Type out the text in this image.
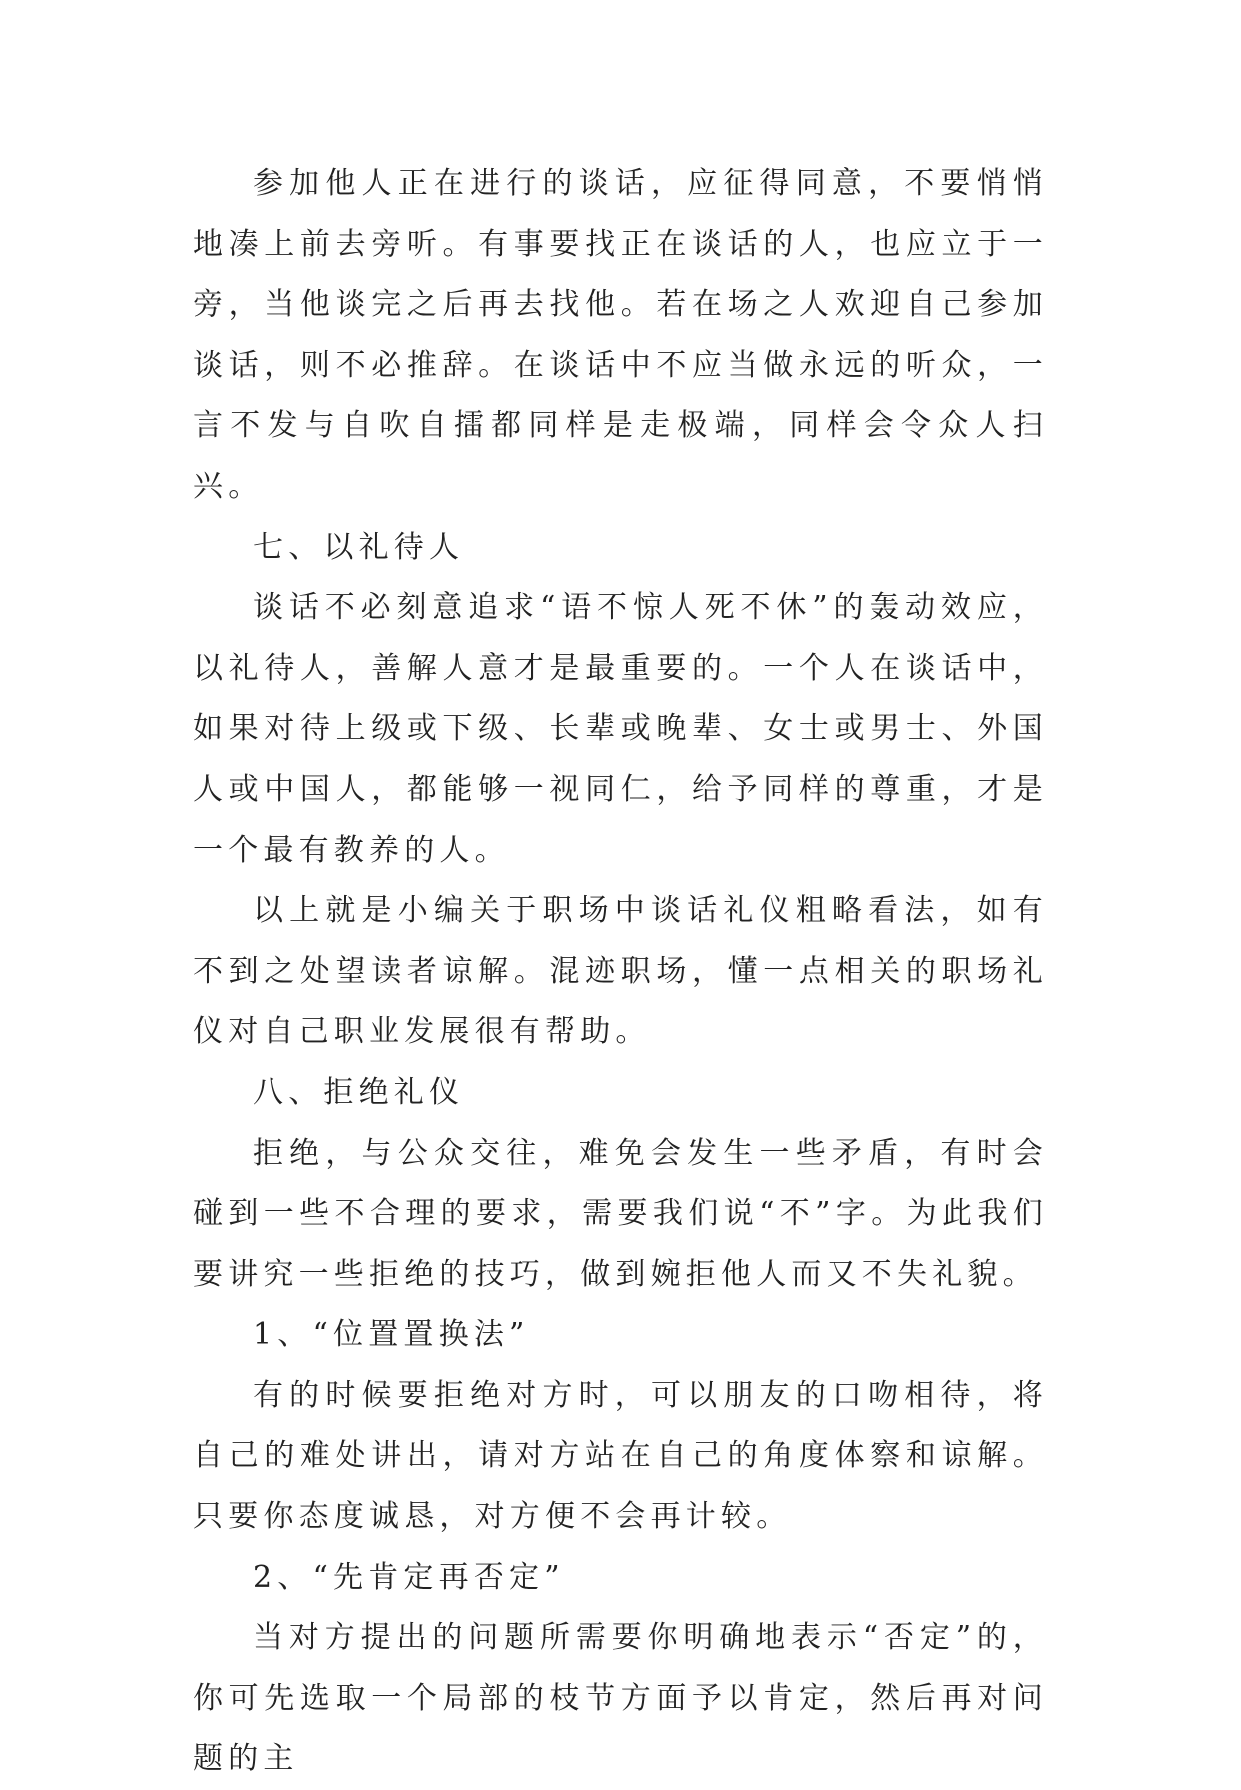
参加他人正在进行的谈话，应征得同意，不要悄悄地凑上前去旁听。有事要找正在谈话的人，也应立于一旁，当他谈完之后再去找他。若在场之人欢迎自己参加谈话，则不必推辞。在谈话中不应当做永远的听众，一言不发与自吹自擂都同样是走极端，同样会令众人扫兴。

七、以礼待人

谈话不必刻意追求“语不惊人死不休”的轰动效应，以礼待人，善解人意才是最重要的。一个人在谈话中，如果对待上级或下级、长辈或晚辈、女士或男士、外国人或中国人，都能够一视同仁，给予同样的尊重，才是一个最有教养的人。

以上就是小编关于职场中谈话礼仪粗略看法，如有不到之处望读者谅解。混迹职场，懂一点相关的职场礼仪对自己职业发展很有帮助。

八、拒绝礼仪

拒绝，与公众交往，难免会发生一些矛盾，有时会碰到一些不合理的要求，需要我们说“不”字。为此我们要讲究一些拒绝的技巧，做到婉拒他人而又不失礼貌。

1、“位置置换法”

有的时候要拒绝对方时，可以朋友的口吻相待，将自己的难处讲出，请对方站在自己的角度体察和谅解。只要你态度诚恳，对方便不会再计较。

2、“先肯定再否定”

当对方提出的问题所需要你明确地表示“否定”的，你可先选取一个局部的枝节方面予以肯定，然后再对问题的主
